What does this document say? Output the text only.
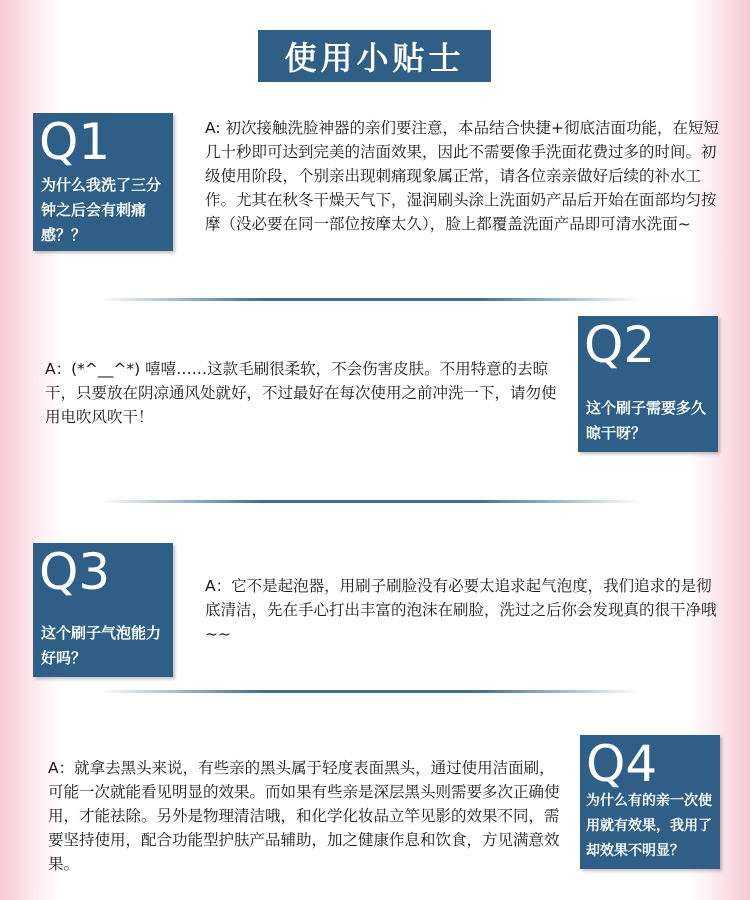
使用小贴士
Q1
为什么我洗了三分钟之后会有刺痛感？？
A: 初次接触洗脸神器的亲们要注意，本品结合快捷+彻底洁面功能，在短短几十秒即可达到完美的洁面效果，因此不需要像手洗面花费过多的时间。初级使用阶段，个别亲出现刺痛现象属正常，请各位亲亲做好后续的补水工作。尤其在秋冬干燥天气下，湿润刷头涂上洗面奶产品后开始在面部均匀按摩（没必要在同一部位按摩太久），脸上都覆盖洗面产品即可清水洗面~
Q2
这个刷子需要多久晾干呀？
A：(*^__^*) 嘻嘻‥‥‥这款毛刷很柔软，不会伤害皮肤。不用特意的去晾干，只要放在阴凉通风处就好，不过最好在每次使用之前冲洗一下，请勿使用电吹风吹干！
Q3
这个刷子气泡能力好吗？
A：它不是起泡器，用刷子刷脸没有必要太追求起气泡度，我们追求的是彻底清洁，先在手心打出丰富的泡沫在刷脸，洗过之后你会发现真的很干净哦~~
Q4
为什么有的亲一次使用就有效果，我用了却效果不明显？
A：就拿去黑头来说，有些亲的黑头属于轻度表面黑头，通过使用洁面刷，可能一次就能看见明显的效果。而如果有些亲是深层黑头则需要多次正确使用，才能祛除。另外是物理清洁哦，和化学化妆品立竿见影的效果不同，需要坚持使用，配合功能型护肤产品辅助，加之健康作息和饮食，方见满意效果。
